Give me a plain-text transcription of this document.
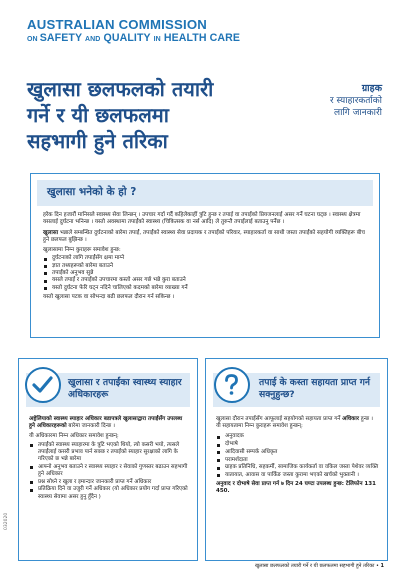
AUSTRALIAN COMMISSION
ON SAFETY AND QUALITY IN HEALTH CARE
खुलासा छलफलको तयारी
गर्ने र यी छलफलमा
सहभागी हुने तरिका
ग्राहक
र स्याहारकर्ताको
लागि जानकारी
खुलासा भनेको के हो ?

हरेक दिन हजारौं मानिसले स्वास्थ्य सेवा लिन्छन् । उपचार गर्दा गर्दै कहिलेकाहीं त्रुटि हुन्छ र तपाई वा तपाईंको प्रियजनलाई असर गर्ने घटना घट्छ । स्वास्थ्य क्षेत्रमा यसलाई दुर्घटना भनिन्छ । यस्तो अवस्थामा तपाईंको स्वास्थ्य (चिकित्सक वा नर्स आदि) ले तुरुन्तै तपाईंलाई बताउनु पर्नेछ ।

खुलासा भन्नाले सम्बन्धित दुर्घटनाको बारेमा तपाईं, तपाईंको स्वास्थ्य सेवा प्रदायक र तपाईंको परिवार, स्याहारकर्ता वा साथी जस्ता तपाईंको सहयोगी व्यक्तिहरू बीच हुने छलफल बुझिन्छ ।

खुलासामा निम्न कुराहरू समावेश हुन्छ:
दुर्घटनाको लागि तपाईंसँग क्षमा माग्ने
ज्ञात तथ्यहरूको बारेमा बताउने
तपाईंको अनुभव सुन्ने
यसले तपाईं र तपाईंको उपचारमा कस्तो असर गर्छ भन्ने कुरा बताउने
यस्तो दुर्घटना फेरि घट्न नदिने चालिएको कदमको बारेमा व्याख्या गर्ने
यस्तो खुलासा पटक वा सोभन्दा बढी छलफल दौरान गर्न सकिन्छ ।
खुलासा र तपाईंका स्वास्थ्य स्याहार अधिकारहरू

अष्ट्रेलियाको स्वास्थ्य स्याहार अधिकार बडापत्रले खुलासाद्वारा तपाईंसँग उपलब्ध हुने अधिकारहरूको बारेमा जानकारी दिन्छ ।

यी अधिकारमा निम्न अधिकार समावेश हुन्छन्:
तपाईंको स्वास्थ्य स्याहारमा के त्रुटि भएको थियो, त्यो कसरी भयो, त्यसले तपाईंलाई कसरी प्रभाव पार्न सक्छ र तपाईंको स्याहार सुरक्षाको लागि के गरिएको छ भन्ने बारेमा
आफ्नो अनुभव बताउने र स्वास्थ्य स्याहार र सेवाको गुणस्तर बढाउन सहभागी हुने अधिकार
प्रश्न सोध्ने र खुला र इमान्दार जानकारी प्राप्त गर्ने अधिकार
प्रतिक्रिया दिने वा उजुरी गर्ने अधिकार (यो अधिकार प्रयोग गर्दा प्राप्त गरिएको स्वास्थ्य सेवामा असर हुनु हुँदैन )
तपाई के कस्ता सहायता प्राप्त गर्न सक्नुहुन्छ?

खुलासा दौरान तपाईंसँग आफूलाई सहयोगको सहायता प्राप्त गर्ने अधिकार हुन्छ । यी सहायतामा निम्न कुराहरू समावेश हुन्छन्:

अनुवादक
दोभाषे
आदिवासी सम्पर्क अधिकृत
परामर्शदाता
ग्राहक प्रतिनिधि, सहकर्मी, सामाजिक कार्यकर्ता वा वकिल जस्ता पेशेवर व्यक्ति
यातायात, आवास वा पार्किङ जस्ता कुरामा भएको खर्चको भुक्तानी ।

अनुवाद र दोभाषे सेवा प्राप्त गर्न ७ दिन 24 घण्टा उपलब्ध हुन्छ: टेलिफोन 131 450.

032020
खुलासा छलफलको तयारी गर्ने र यी छलफलमा सहभागी हुने तरिका • 1
